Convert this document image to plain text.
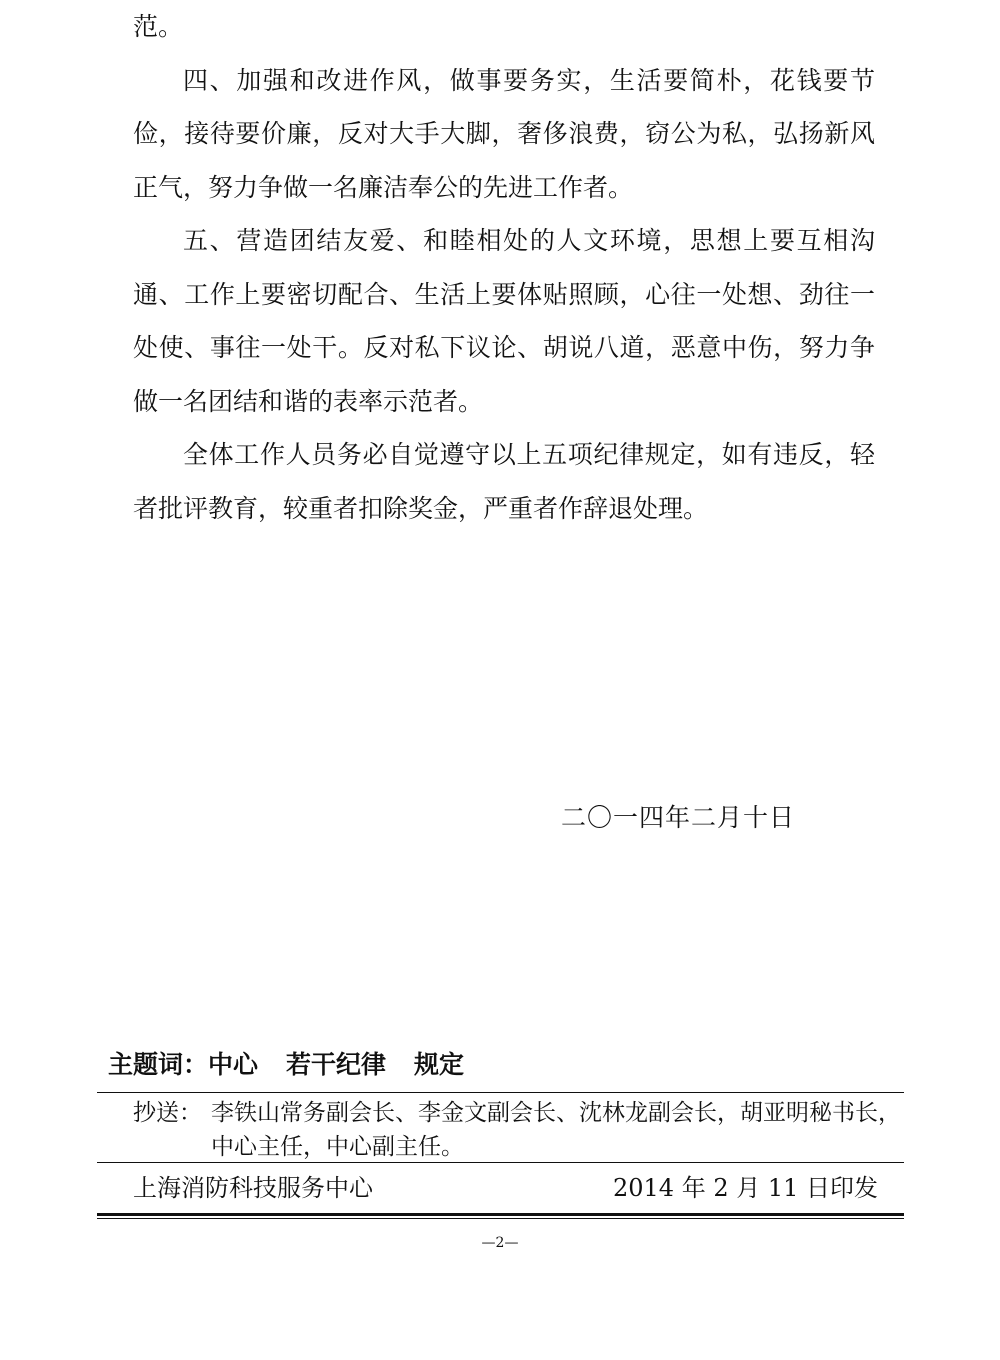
范。

四、加强和改进作风，做事要务实，生活要简朴，花钱要节俭，接待要价廉，反对大手大脚，奢侈浪费，窃公为私，弘扬新风正气，努力争做一名廉洁奉公的先进工作者。

五、营造团结友爱、和睦相处的人文环境，思想上要互相沟通、工作上要密切配合、生活上要体贴照顾，心往一处想、劲往一处使、事往一处干。反对私下议论、胡说八道，恶意中伤，努力争做一名团结和谐的表率示范者。

全体工作人员务必自觉遵守以上五项纪律规定，如有违反，轻者批评教育，较重者扣除奖金，严重者作辞退处理。

二〇一四年二月十日
主题词：中心 若干纪律 规定
抄送： 李铁山常务副会长、李金文副会长、沈林龙副会长，胡亚明秘书长，
中心主任，中心副主任。
上海消防科技服务中心	2014 年 2 月 11 日印发
—2—
